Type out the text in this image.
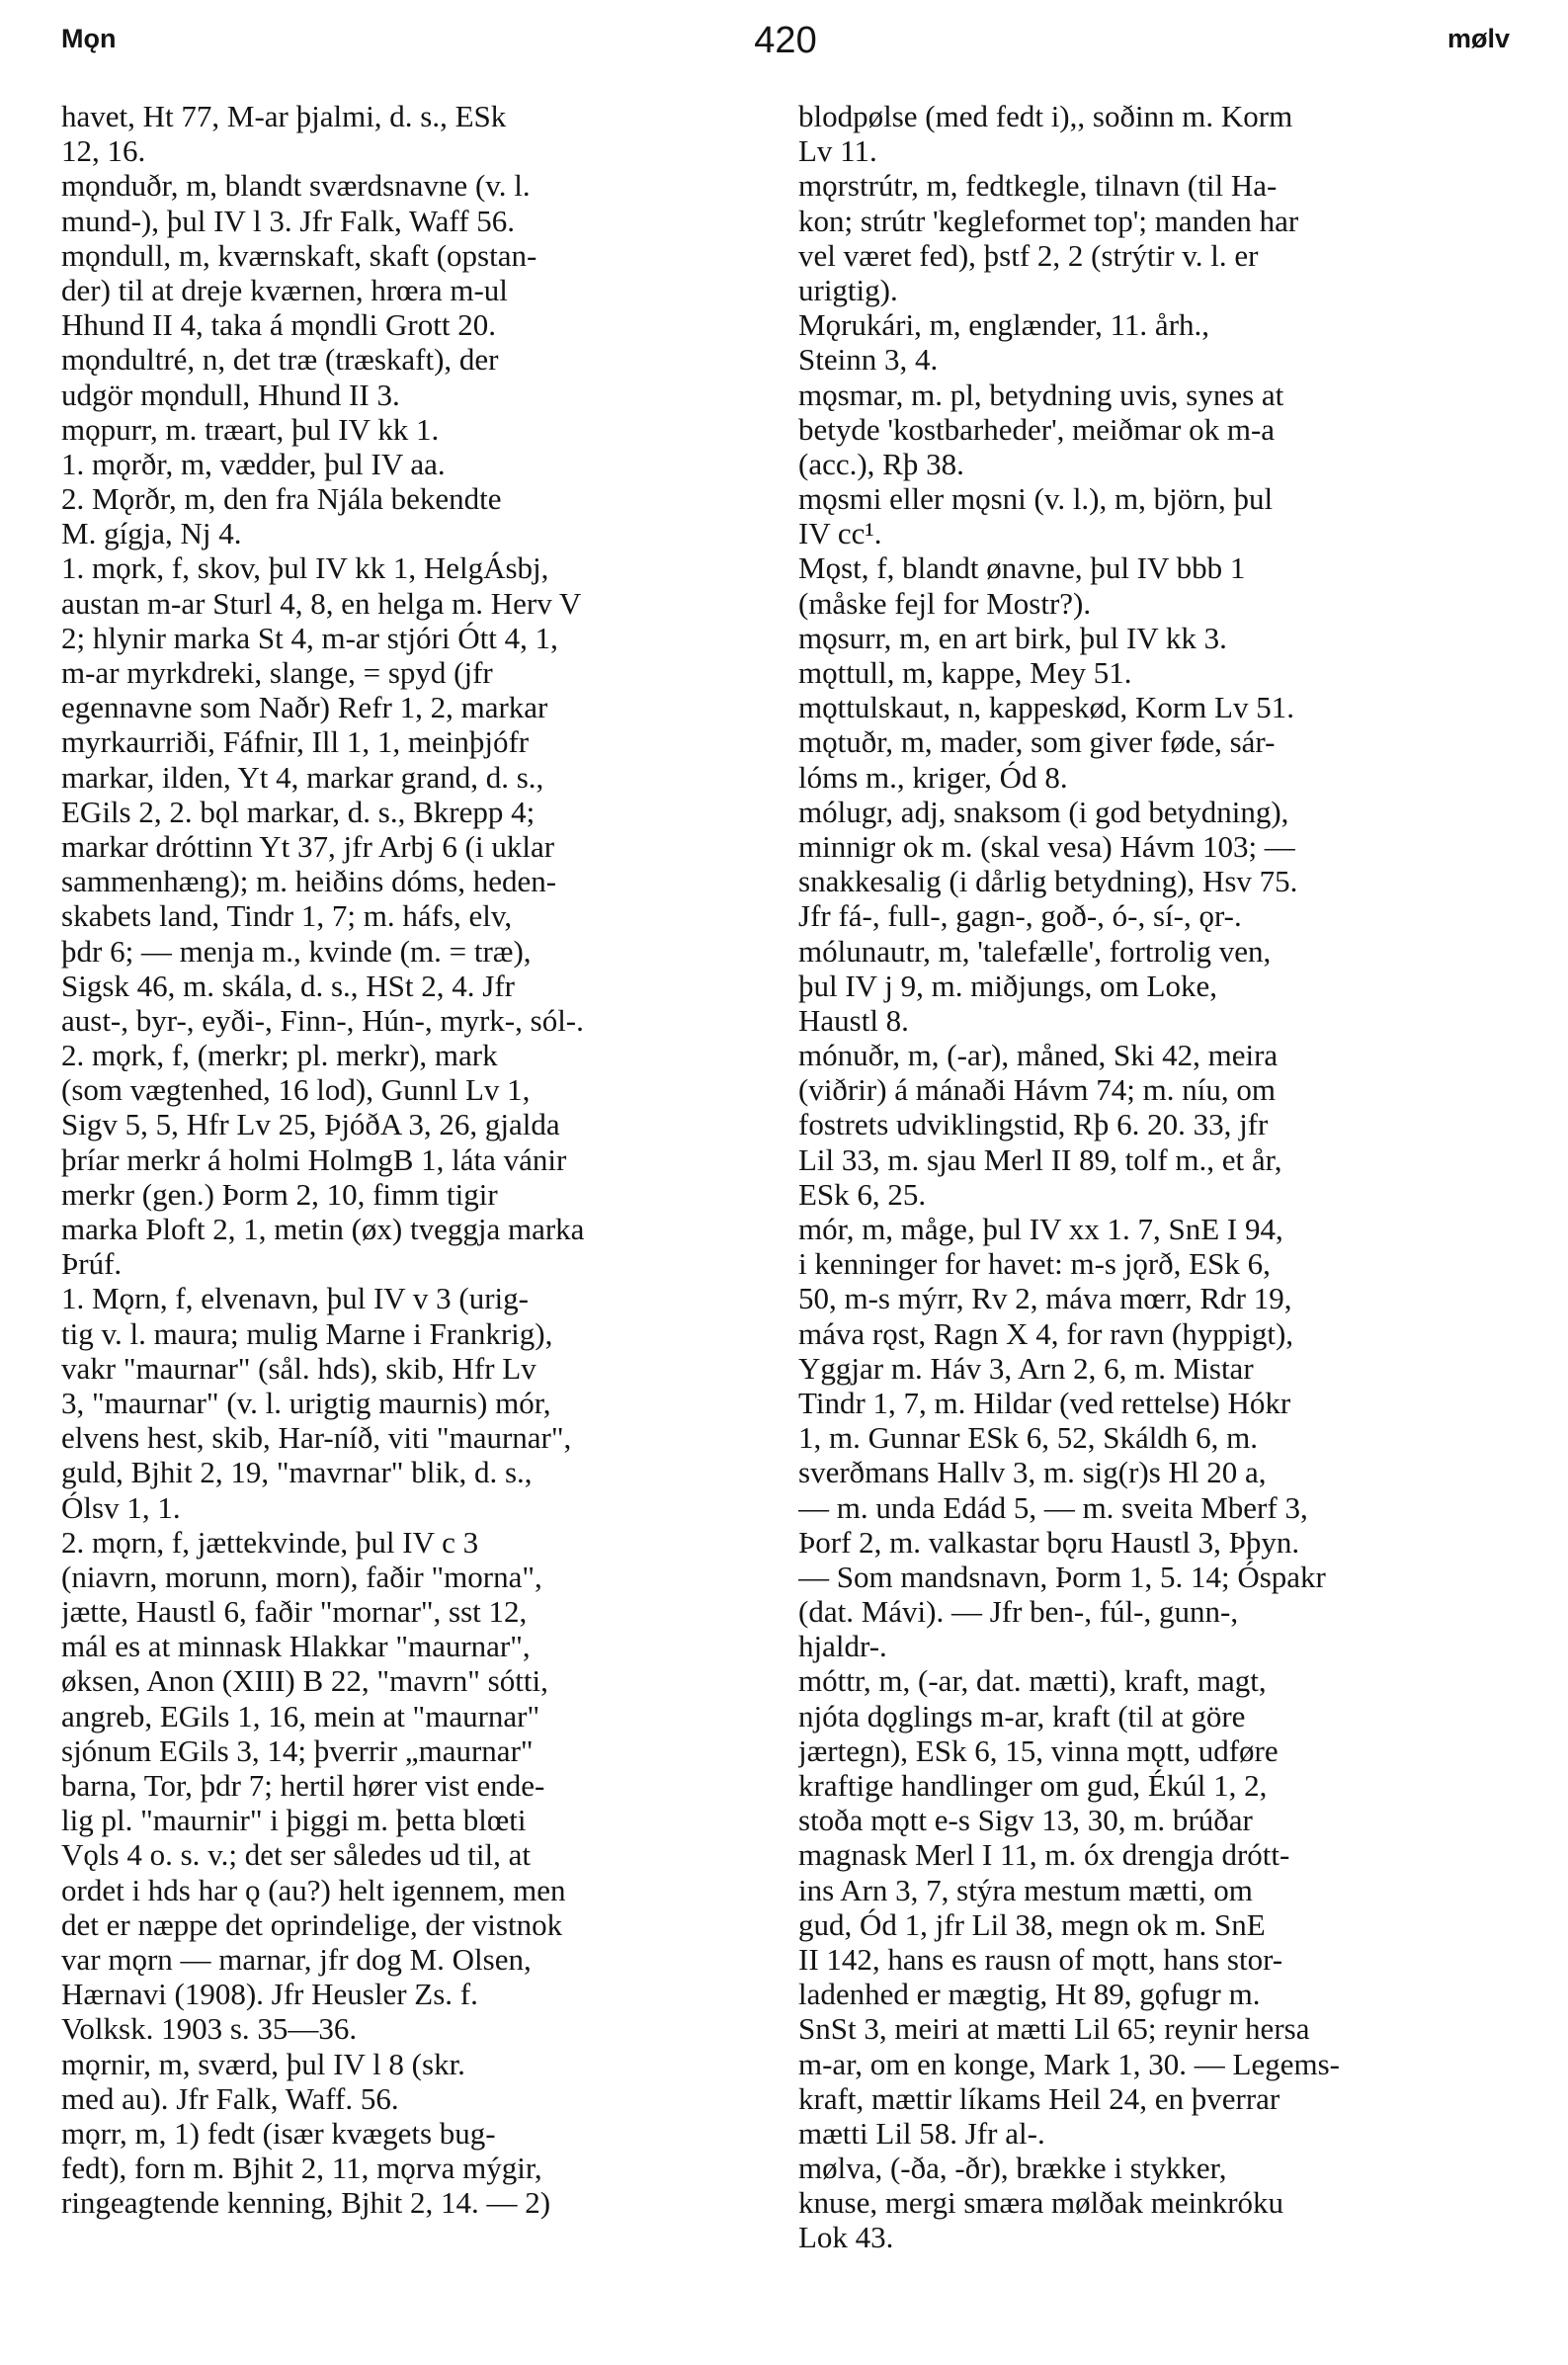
Mǫn	420	mølv
havet, Ht 77, M-ar þjalmi, d. s., ESk
12, 16.
mǫnduðr, m, blandt sværdsnavne (v. l.
mund-), þul IV l 3. Jfr Falk, Waff 56.
mǫndull, m, kværnskaft, skaft (opstan-
der) til at dreje kværnen, hrœra m-ul
Hhund II 4, taka á mǫndli Grott 20.
mǫndultré, n, det træ (træskaft), der
udgör mǫndull, Hhund II 3.
mǫpurr, m. træart, þul IV kk 1.
1. mǫrðr, m, vædder, þul IV aa.
2. Mǫrðr, m, den fra Njála bekendte
M. gígja, Nj 4.
1. mǫrk, f, skov, þul IV kk 1, HelgÁsbj,
austan m-ar Sturl 4, 8, en helga m. Herv V
2; hlynir marka St 4, m-ar stjóri Ótt 4, 1,
m-ar myrkdreki, slange, = spyd (jfr
egennavne som Naðr) Refr 1, 2, markar
myrkaurriði, Fáfnir, Ill 1, 1, meinþjófr
markar, ilden, Yt 4, markar grand, d. s.,
EGils 2, 2. bǫl markar, d. s., Bkrepp 4;
markar dróttinn Yt 37, jfr Arbj 6 (i uklar
sammenhæng); m. heiðins dóms, heden-
skabets land, Tindr 1, 7; m. háfs, elv,
þdr 6; — menja m., kvinde (m. = træ),
Sigsk 46, m. skála, d. s., HSt 2, 4. Jfr
aust-, byr-, eyði-, Finn-, Hún-, myrk-, sól-.
2. mǫrk, f, (merkr; pl. merkr), mark
(som vægtenhed, 16 lod), Gunnl Lv 1,
Sigv 5, 5, Hfr Lv 25, ÞjóðA 3, 26, gjalda
þríar merkr á holmi HolmgB 1, láta vánir
merkr (gen.) Þorm 2, 10, fimm tigir
marka Þloft 2, 1, metin (øx) tveggja marka
Þrúf.
1. Mǫrn, f, elvenavn, þul IV v 3 (urig-
tig v. l. maura; mulig Marne i Frankrig),
vakr "maurnar" (sål. hds), skib, Hfr Lv
3, "maurnar" (v. l. urigtig maurnis) mór,
elvens hest, skib, Har-níð, viti "maurnar",
guld, Bjhit 2, 19, "mavrnar" blik, d. s.,
Ólsv 1, 1.
2. mǫrn, f, jættekvinde, þul IV c 3
(niavrn, morunn, morn), faðir "morna",
jætte, Haustl 6, faðir "mornar", sst 12,
mál es at minnask Hlakkar "maurnar",
øksen, Anon (XIII) B 22, "mavrn" sótti,
angreb, EGils 1, 16, mein at "maurnar"
sjónum EGils 3, 14; þverrir „maurnar"
barna, Tor, þdr 7; hertil hører vist ende-
lig pl. "maurnir" i þiggi m. þetta blœti
Vǫls 4 o. s. v.; det ser således ud til, at
ordet i hds har ǫ (au?) helt igennem, men
det er næppe det oprindelige, der vistnok
var mǫrn — marnar, jfr dog M. Olsen,
Hærnavi (1908). Jfr Heusler Zs. f.
Volksk. 1903 s. 35—36.
mǫrnir, m, sværd, þul IV l 8 (skr.
med au). Jfr Falk, Waff. 56.
mǫrr, m, 1) fedt (især kvægets bug-
fedt), forn m. Bjhit 2, 11, mǫrva mýgir,
ringeagtende kenning, Bjhit 2, 14. — 2)
blodpølse (med fedt i),, soðinn m. Korm
Lv 11.
mǫrstrútr, m, fedtkegle, tilnavn (til Ha-
kon; strútr 'kegleformet top'; manden har
vel været fed), þstf 2, 2 (strýtir v. l. er
urigtig).
Mǫrukári, m, englænder, 11. årh.,
Steinn 3, 4.
mǫsmar, m. pl, betydning uvis, synes at
betyde 'kostbarheder', meiðmar ok m-a
(acc.), Rþ 38.
mǫsmi eller mǫsni (v. l.), m, björn, þul
IV cc¹.
Mǫst, f, blandt ønavne, þul IV bbb 1
(måske fejl for Mostr?).
mǫsurr, m, en art birk, þul IV kk 3.
mǫttull, m, kappe, Mey 51.
mǫttulskaut, n, kappeskød, Korm Lv 51.
mǫtuðr, m, mader, som giver føde, sár-
lóms m., kriger, Ód 8.
mólugr, adj, snaksom (i god betydning),
minnigr ok m. (skal vesa) Hávm 103; —
snakkesalig (i dårlig betydning), Hsv 75.
Jfr fá-, full-, gagn-, goð-, ó-, sí-, ǫr-.
mólunautr, m, 'talefælle', fortrolig ven,
þul IV j 9, m. miðjungs, om Loke,
Haustl 8.
mónuðr, m, (-ar), måned, Ski 42, meira
(viðrir) á mánaði Hávm 74; m. níu, om
fostrets udviklingstid, Rþ 6. 20. 33, jfr
Lil 33, m. sjau Merl II 89, tolf m., et år,
ESk 6, 25.
mór, m, måge, þul IV xx 1. 7, SnE I 94,
i kenninger for havet: m-s jǫrð, ESk 6,
50, m-s mýrr, Rv 2, máva mœrr, Rdr 19,
máva rǫst, Ragn X 4, for ravn (hyppigt),
Yggjar m. Háv 3, Arn 2, 6, m. Mistar
Tindr 1, 7, m. Hildar (ved rettelse) Hókr
1, m. Gunnar ESk 6, 52, Skáldh 6, m.
sverðmans Hallv 3, m. sig(r)s Hl 20 a,
— m. unda Edád 5, — m. sveita Mberf 3,
Þorf 2, m. valkastar bǫru Haustl 3, Þþyn.
— Som mandsnavn, Þorm 1, 5. 14; Óspakr
(dat. Mávi). — Jfr ben-, fúl-, gunn-,
hjaldr-.
móttr, m, (-ar, dat. mætti), kraft, magt,
njóta dǫglings m-ar, kraft (til at göre
jærtegn), ESk 6, 15, vinna mǫtt, udføre
kraftige handlinger om gud, Ékúl 1, 2,
stoða mǫtt e-s Sigv 13, 30, m. brúðar
magnask Merl I 11, m. óx drengja drótt-
ins Arn 3, 7, stýra mestum mætti, om
gud, Ód 1, jfr Lil 38, megn ok m. SnE
II 142, hans es rausn of mǫtt, hans stor-
ladenhed er mægtig, Ht 89, gǫfugr m.
SnSt 3, meiri at mætti Lil 65; reynir hersa
m-ar, om en konge, Mark 1, 30. — Legems-
kraft, mættir líkams Heil 24, en þverrar
mætti Lil 58. Jfr al-.
mølva, (-ða, -ðr), brække i stykker,
knuse, mergi smæra mølðak meinkróku
Lok 43.
